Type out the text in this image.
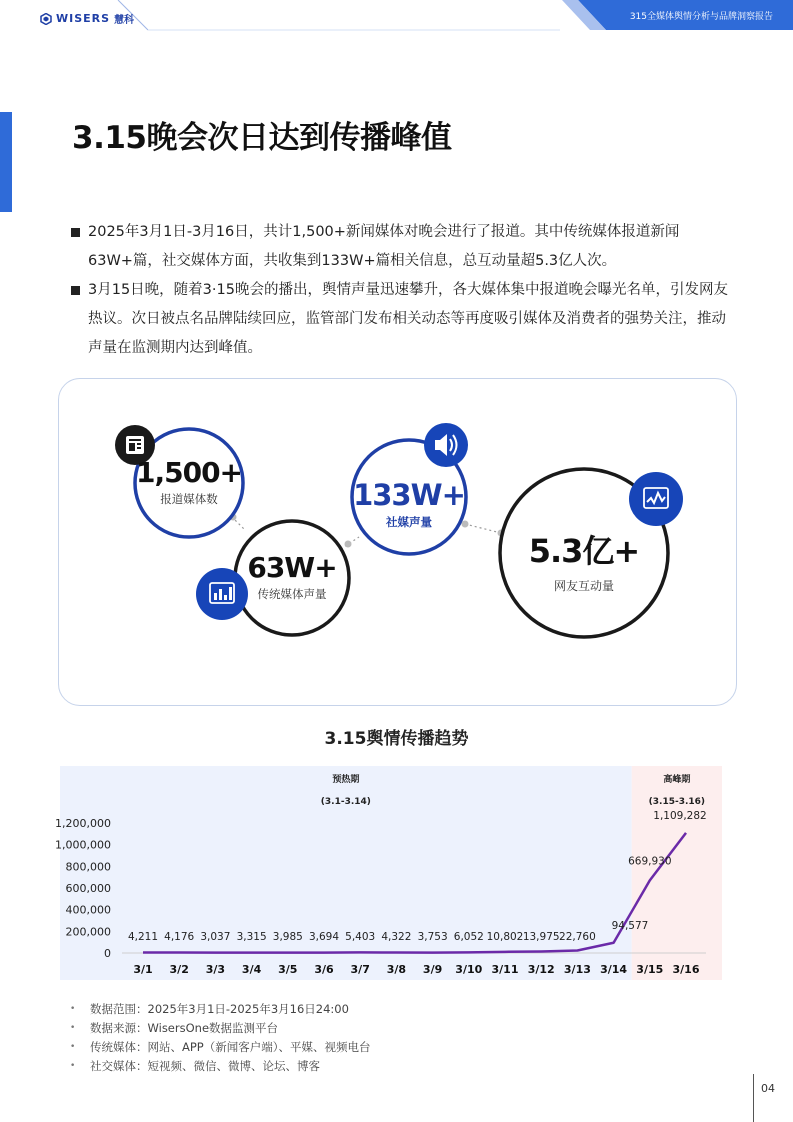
WISERS 慧科	315全媒体舆情分析与品牌洞察报告
3.15晚会次日达到传播峰值
2025年3月1日-3月16日，共计1,500+新闻媒体对晚会进行了报道。其中传统媒体报道新闻63W+篇，社交媒体方面，共收集到133W+篇相关信息，总互动量超5.3亿人次。
3月15日晚，随着3·15晚会的播出，舆情声量迅速攀升，各大媒体集中报道晚会曝光名单，引发网友热议。次日被点名品牌陆续回应，监管部门发布相关动态等再度吸引媒体及消费者的强势关注，推动声量在监测期内达到峰值。
1,500+
报道媒体数
63W+
传统媒体声量
133W+
社媒声量
5.3亿+
网友互动量
3.15舆情传播趋势
预热期
(3.1-3.14)
高峰期
(3.15-3.16)
0
200,000
400,000
600,000
800,000
1,000,000
1,200,000
3/1 3/2 3/3 3/4 3/5 3/6 3/7 3/8 3/9 3/10 3/11 3/12 3/13 3/14 3/15 3/16
4,211 4,176 3,037 3,315 3,985 3,694 5,403 4,322 3,753 6,052 10,802 13,975 22,760
94,577
669,930
1,109,282
• 数据范围：2025年3月1日-2025年3月16日24:00
• 数据来源：WisersOne数据监测平台
• 传统媒体：网站、APP（新闻客户端）、平媒、视频电台
• 社交媒体：短视频、微信、微博、论坛、博客
04
